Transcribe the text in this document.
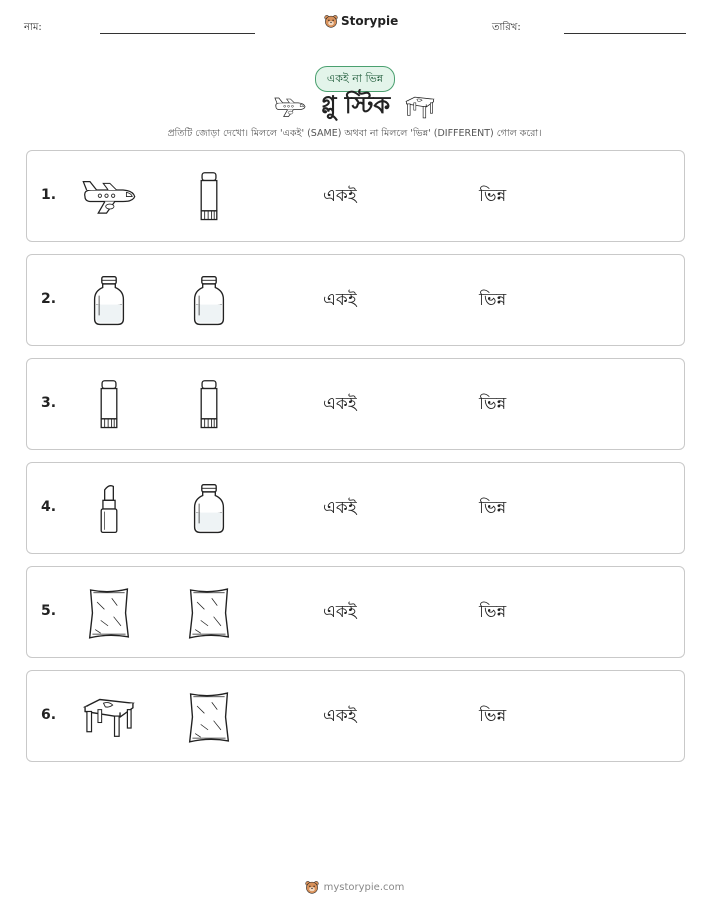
নাম:	Storypie	তারিখ:
একই না ভিন্ন
গ্লু স্টিক
প্রতিটি জোড়া দেখো। মিললে 'একই' (SAME) অথবা না মিললে 'ভিন্ন' (DIFFERENT) গোল করো।
1.	একই	ভিন্ন
2.	একই	ভিন্ন
3.	একই	ভিন্ন
4.	একই	ভিন্ন
5.	একই	ভিন্ন
6.	একই	ভিন্ন
mystorypie.com
